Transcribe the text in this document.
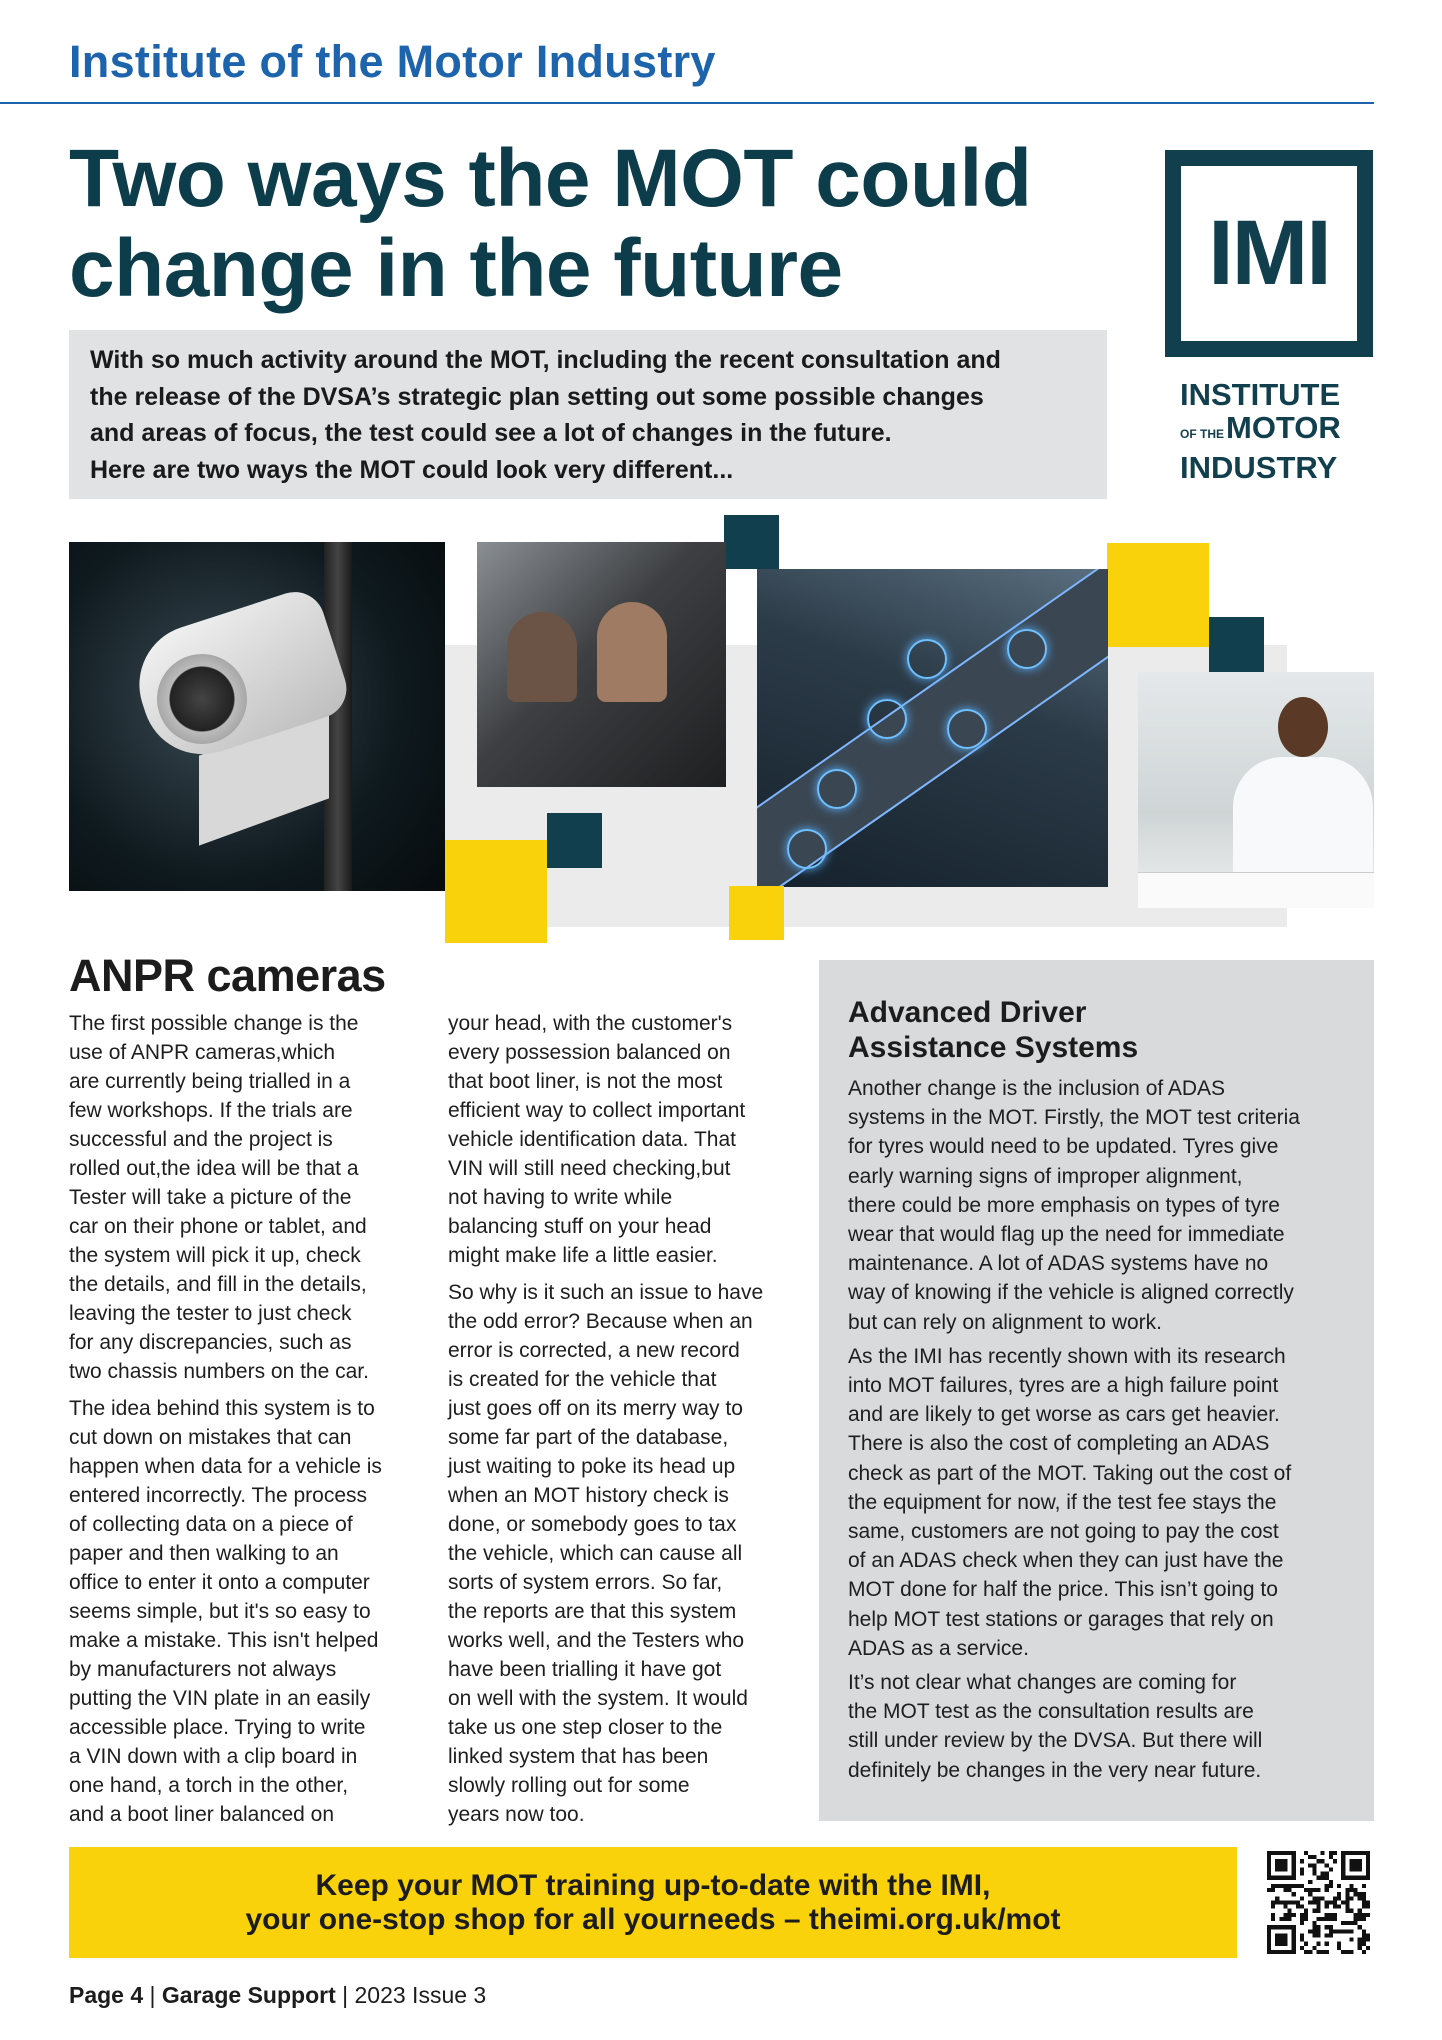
Institute of the Motor Industry
Two ways the MOT could
change in the future

With so much activity around the MOT, including the recent consultation and
the release of the DVSA’s strategic plan setting out some possible changes
and areas of focus, the test could see a lot of changes in the future.
Here are two ways the MOT could look very different...

IMI
INSTITUTE
OF THEMOTOR
INDUSTRY
ANPR cameras

The first possible change is the
use of ANPR cameras,which
are currently being trialled in a
few workshops. If the trials are
successful and the project is
rolled out,the idea will be that a
Tester will take a picture of the
car on their phone or tablet, and
the system will pick it up, check
the details, and fill in the details,
leaving the tester to just check
for any discrepancies, such as
two chassis numbers on the car.

The idea behind this system is to
cut down on mistakes that can
happen when data for a vehicle is
entered incorrectly. The process
of collecting data on a piece of
paper and then walking to an
office to enter it onto a computer
seems simple, but it's so easy to
make a mistake. This isn't helped
by manufacturers not always
putting the VIN plate in an easily
accessible place. Trying to write
a VIN down with a clip board in
one hand, a torch in the other,
and a boot liner balanced on

your head, with the customer's
every possession balanced on
that boot liner, is not the most
efficient way to collect important
vehicle identification data. That
VIN will still need checking,but
not having to write while
balancing stuff on your head
might make life a little easier.

So why is it such an issue to have
the odd error? Because when an
error is corrected, a new record
is created for the vehicle that
just goes off on its merry way to
some far part of the database,
just waiting to poke its head up
when an MOT history check is
done, or somebody goes to tax
the vehicle, which can cause all
sorts of system errors. So far,
the reports are that this system
works well, and the Testers who
have been trialling it have got
on well with the system. It would
take us one step closer to the
linked system that has been
slowly rolling out for some
years now too.

Advanced Driver
Assistance Systems

Another change is the inclusion of ADAS
systems in the MOT. Firstly, the MOT test criteria
for tyres would need to be updated. Tyres give
early warning signs of improper alignment,
there could be more emphasis on types of tyre
wear that would flag up the need for immediate
maintenance. A lot of ADAS systems have no
way of knowing if the vehicle is aligned correctly
but can rely on alignment to work.

As the IMI has recently shown with its research
into MOT failures, tyres are a high failure point
and are likely to get worse as cars get heavier.
There is also the cost of completing an ADAS
check as part of the MOT. Taking out the cost of
the equipment for now, if the test fee stays the
same, customers are not going to pay the cost
of an ADAS check when they can just have the
MOT done for half the price. This isn’t going to
help MOT test stations or garages that rely on
ADAS as a service.

It’s not clear what changes are coming for
the MOT test as the consultation results are
still under review by the DVSA. But there will
definitely be changes in the very near future.

Keep your MOT training up-to-date with the IMI,
your one-stop shop for all yourneeds – theimi.org.uk/mot
Page 4 | Garage Support | 2023 Issue 3
